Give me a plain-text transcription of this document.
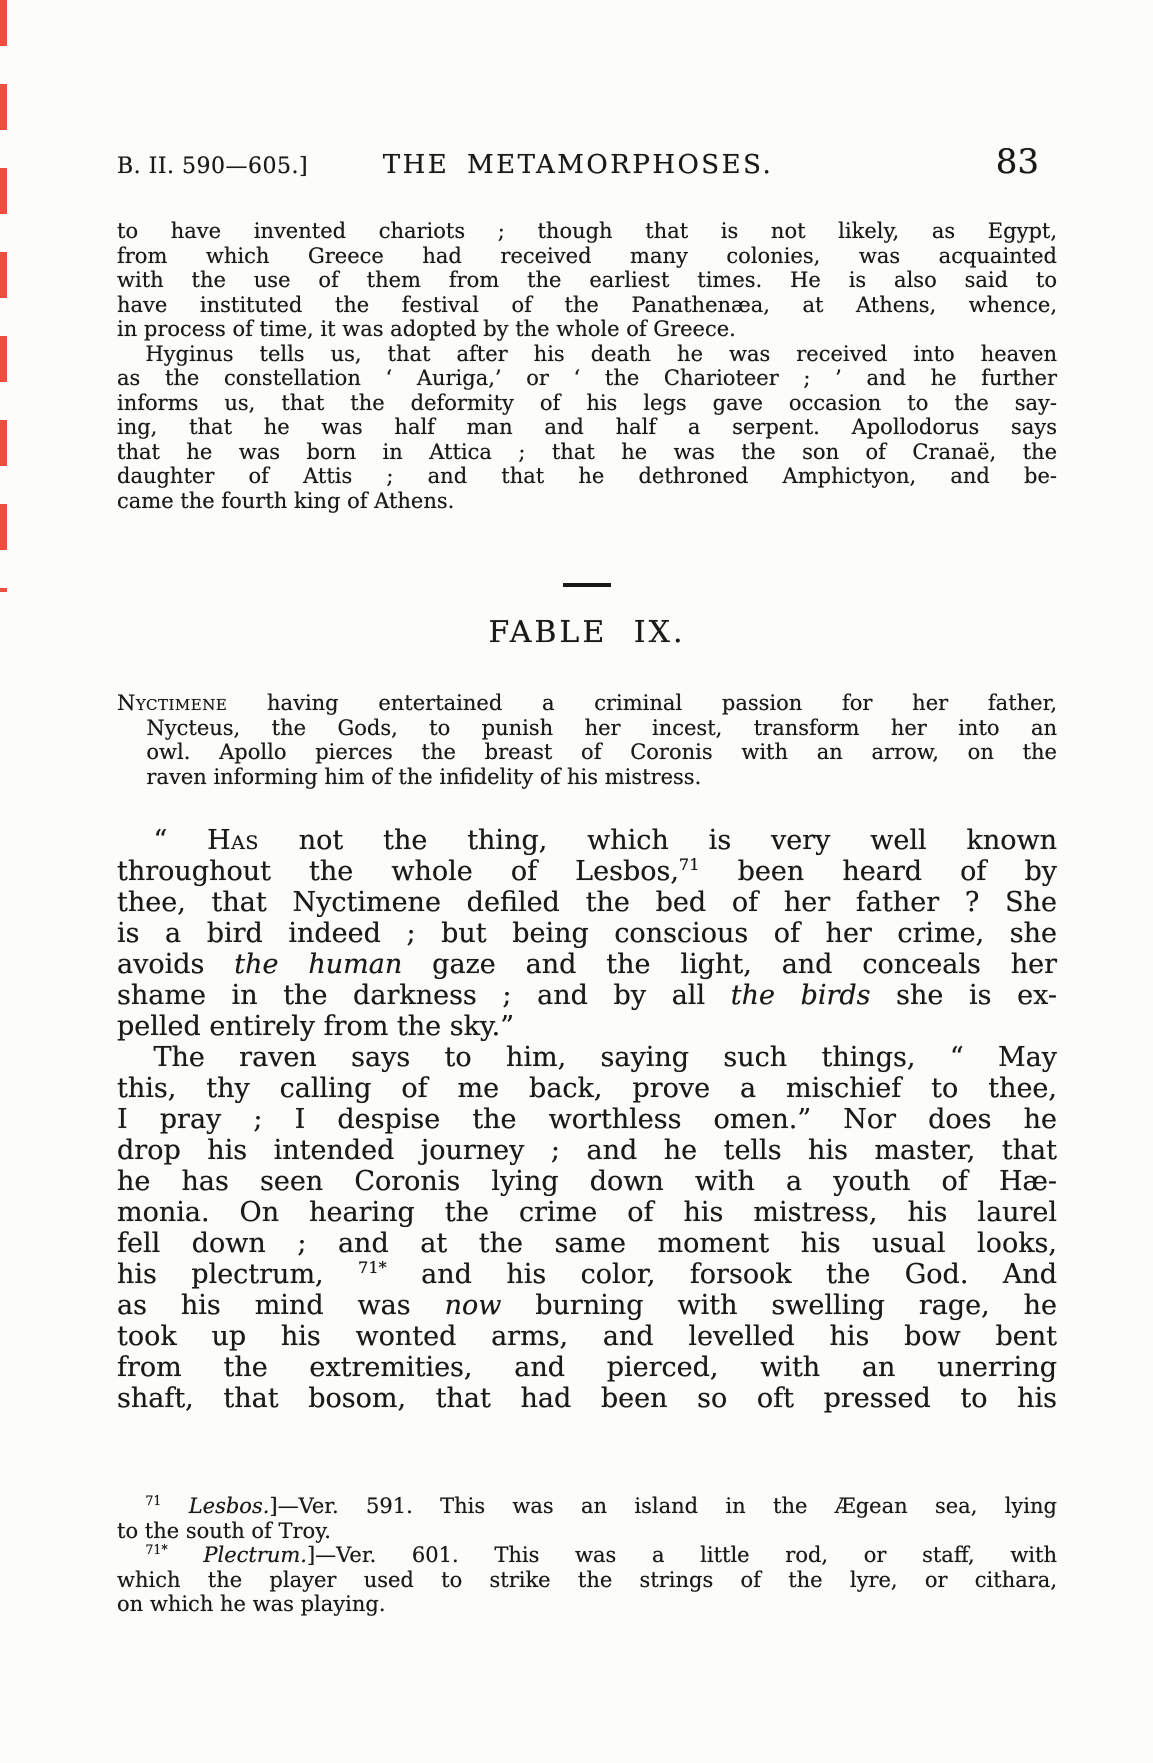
B. II. 590—605.]	THE METAMORPHOSES.	83
to have invented chariots ; though that is not likely, as Egypt,
from which Greece had received many colonies, was acquainted
with the use of them from the earliest times. He is also said to
have instituted the festival of the Panathenæa, at Athens, whence,
in process of time, it was adopted by the whole of Greece.
Hyginus tells us, that after his death he was received into heaven
as the constellation ‘ Auriga,’ or ‘ the Charioteer ; ’ and he further
informs us, that the deformity of his legs gave occasion to the say-
ing, that he was half man and half a serpent. Apollodorus says
that he was born in Attica ; that he was the son of Cranaë, the
daughter of Attis ; and that he dethroned Amphictyon, and be-
came the fourth king of Athens.
FABLE IX.
Nyctimene having entertained a criminal passion for her father,
Nycteus, the Gods, to punish her incest, transform her into an
owl. Apollo pierces the breast of Coronis with an arrow, on the
raven informing him of the infidelity of his mistress.
“ Has not the thing, which is very well known
throughout the whole of Lesbos,$^{71}$ been heard of by
thee, that Nyctimene defiled the bed of her father ? She
is a bird indeed ; but being conscious of her crime, she
avoids the human gaze and the light, and conceals her
shame in the darkness ; and by all the birds she is ex-
pelled entirely from the sky.”
The raven says to him, saying such things, “ May
this, thy calling of me back, prove a mischief to thee,
I pray ; I despise the worthless omen.” Nor does he
drop his intended journey ; and he tells his master, that
he has seen Coronis lying down with a youth of Hæ-
monia. On hearing the crime of his mistress, his laurel
fell down ; and at the same moment his usual looks,
his plectrum, $^{71*}$ and his color, forsook the God. And
as his mind was now burning with swelling rage, he
took up his wonted arms, and levelled his bow bent
from the extremities, and pierced, with an unerring
shaft, that bosom, that had been so oft pressed to his
$^{71}$ Lesbos.]—Ver. 591. This was an island in the Ægean sea, lying
to the south of Troy.
$^{71*}$ Plectrum.]—Ver. 601. This was a little rod, or staff, with
which the player used to strike the strings of the lyre, or cithara,
on which he was playing.
